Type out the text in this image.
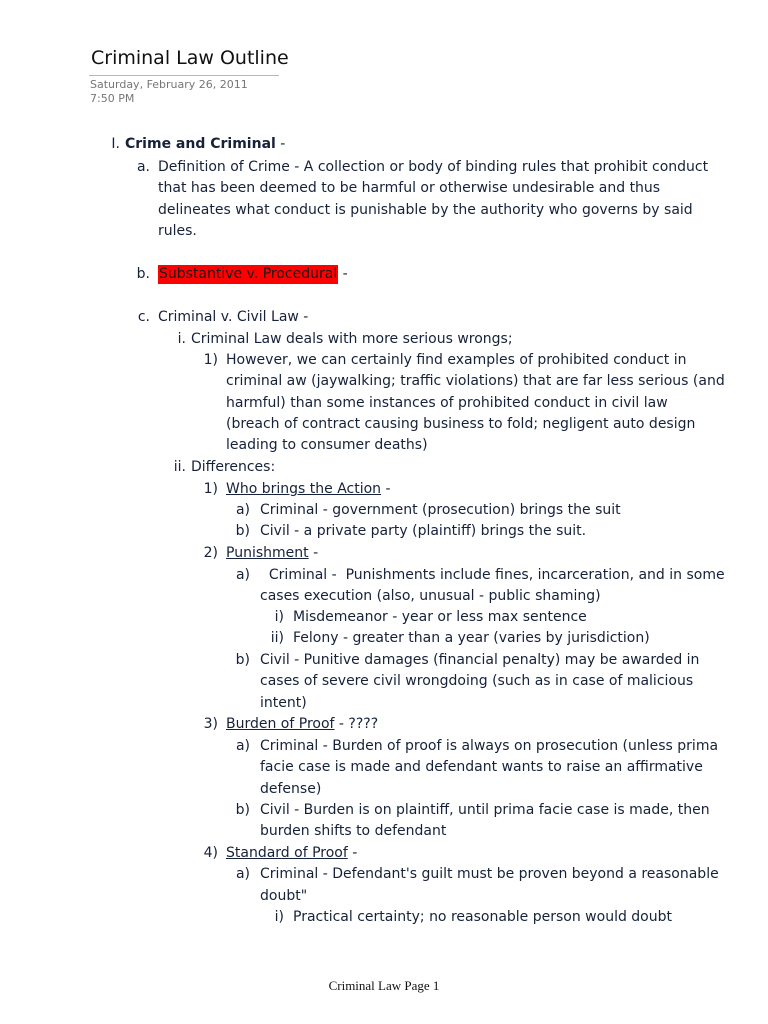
Criminal Law Outline
Saturday, February 26, 2011
7:50 PM
I. Crime and Criminal -
a. Definition of Crime - A collection or body of binding rules that prohibit conduct
that has been deemed to be harmful or otherwise undesirable and thus
delineates what conduct is punishable by the authority who governs by said
rules.
b. Substantive v. Procedural -
c. Criminal v. Civil Law -
i. Criminal Law deals with more serious wrongs;
1) However, we can certainly find examples of prohibited conduct in
criminal aw (jaywalking; traffic violations) that are far less serious (and
harmful) than some instances of prohibited conduct in civil law
(breach of contract causing business to fold; negligent auto design
leading to consumer deaths)
ii. Differences:
1) Who brings the Action -
a) Criminal - government (prosecution) brings the suit
b) Civil - a private party (plaintiff) brings the suit.
2) Punishment -
a) Criminal -  Punishments include fines, incarceration, and in some
cases execution (also, unusual - public shaming)
i) Misdemeanor - year or less max sentence
ii) Felony - greater than a year (varies by jurisdiction)
b) Civil - Punitive damages (financial penalty) may be awarded in
cases of severe civil wrongdoing (such as in case of malicious
intent)
3) Burden of Proof - ????
a) Criminal - Burden of proof is always on prosecution (unless prima
facie case is made and defendant wants to raise an affirmative
defense)
b) Civil - Burden is on plaintiff, until prima facie case is made, then
burden shifts to defendant
4) Standard of Proof -
a) Criminal - Defendant's guilt must be proven beyond a reasonable
doubt"
i) Practical certainty; no reasonable person would doubt
Criminal Law Page 1
